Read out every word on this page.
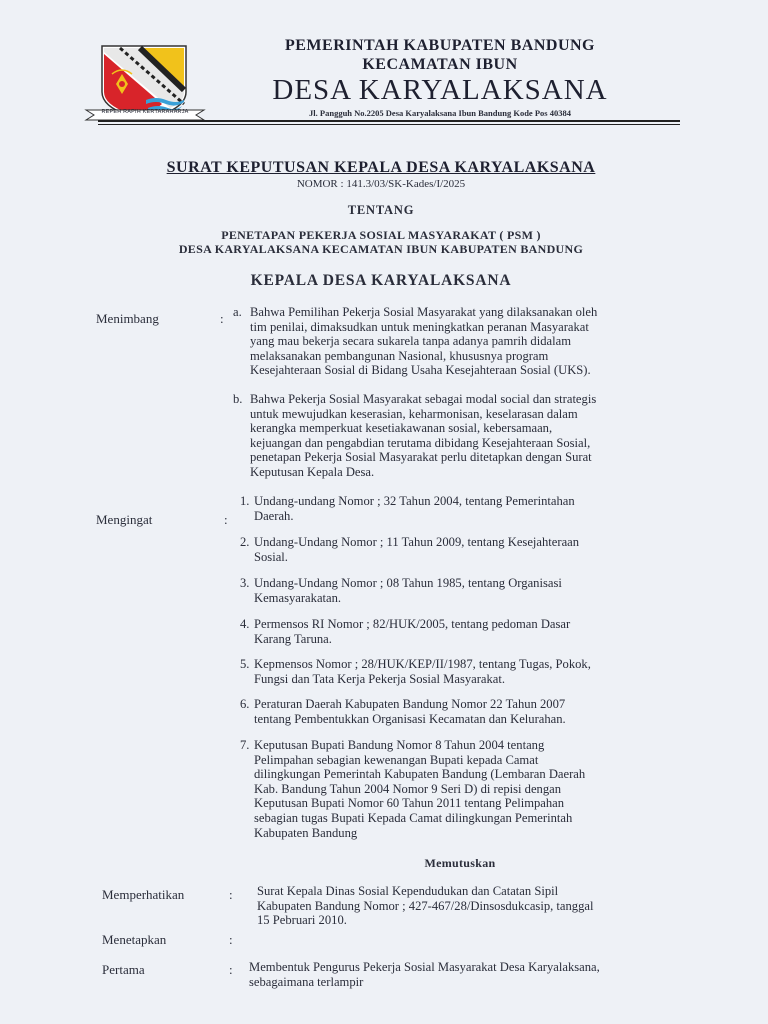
REPEH RAPIH KERTARAHARJA
PEMERINTAH KABUPATEN BANDUNG
KECAMATAN IBUN
DESA KARYALAKSANA
Jl. Pangguh No.2205 Desa Karyalaksana Ibun Bandung Kode Pos 40384
SURAT KEPUTUSAN KEPALA DESA KARYALAKSANA
NOMOR : 141.3/03/SK-Kades/I/2025
TENTANG
PENETAPAN PEKERJA SOSIAL MASYARAKAT ( PSM )
DESA KARYALAKSANA KECAMATAN IBUN KABUPATEN BANDUNG
KEPALA DESA KARYALAKSANA
Menimbang	: a. Bahwa Pemilihan Pekerja Sosial Masyarakat yang dilaksanakan oleh
tim penilai, dimaksudkan untuk meningkatkan peranan Masyarakat
yang mau bekerja secara sukarela tanpa adanya pamrih didalam
melaksanakan pembangunan Nasional, khususnya program
Kesejahteraan Sosial di Bidang Usaha Kesejahteraan Sosial (UKS).
b. Bahwa Pekerja Sosial Masyarakat sebagai modal social dan strategis
untuk mewujudkan keserasian, keharmonisan, keselarasan dalam
kerangka memperkuat kesetiakawanan sosial, kebersamaan,
kejuangan dan pengabdian terutama dibidang Kesejahteraan Sosial,
penetapan Pekerja Sosial Masyarakat perlu ditetapkan dengan Surat
Keputusan Kepala Desa.
Mengingat	:
1. Undang-undang Nomor ; 32 Tahun 2004, tentang Pemerintahan
Daerah.
2. Undang-Undang Nomor ; 11 Tahun 2009, tentang Kesejahteraan
Sosial.
3. Undang-Undang Nomor ; 08 Tahun 1985, tentang Organisasi
Kemasyarakatan.
4. Permensos RI Nomor ; 82/HUK/2005, tentang pedoman Dasar
Karang Taruna.
5. Kepmensos Nomor ; 28/HUK/KEP/II/1987, tentang Tugas, Pokok,
Fungsi dan Tata Kerja Pekerja Sosial Masyarakat.
6. Peraturan Daerah Kabupaten Bandung Nomor 22 Tahun 2007
tentang Pembentukkan Organisasi Kecamatan dan Kelurahan.
7. Keputusan Bupati Bandung Nomor 8 Tahun 2004 tentang
Pelimpahan sebagian kewenangan Bupati kepada Camat
dilingkungan Pemerintah Kabupaten Bandung (Lembaran Daerah
Kab. Bandung Tahun 2004 Nomor 9 Seri D) di repisi dengan
Keputusan Bupati Nomor 60 Tahun 2011 tentang Pelimpahan
sebagian tugas Bupati Kepada Camat dilingkungan Pemerintah
Kabupaten Bandung
Memutuskan
Memperhatikan	: Surat Kepala Dinas Sosial Kependudukan dan Catatan Sipil
Kabupaten Bandung Nomor ; 427-467/28/Dinsosdukcasip, tanggal
15 Pebruari 2010.
Menetapkan	:
Pertama	: Membentuk Pengurus Pekerja Sosial Masyarakat Desa Karyalaksana,
sebagaimana terlampir
